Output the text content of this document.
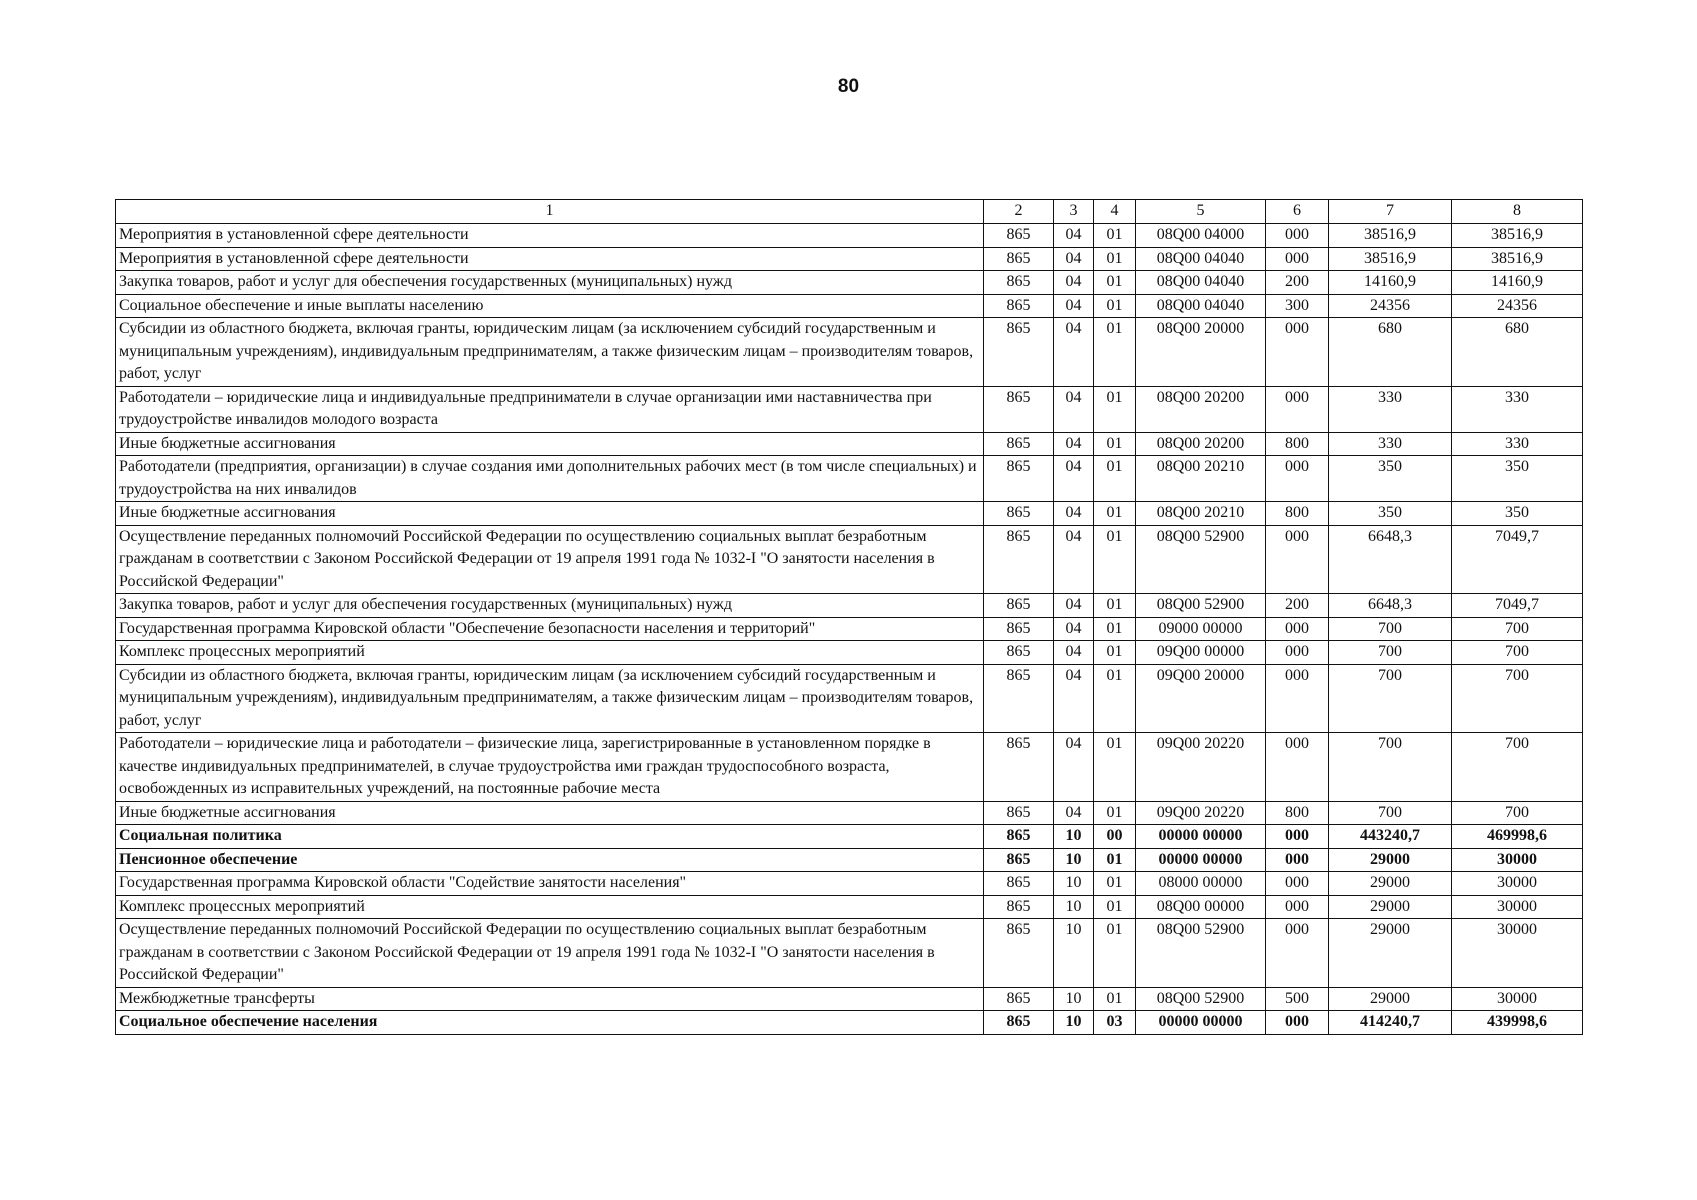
80
1	2	3	4	5	6	7	8
Мероприятия в установленной сфере деятельности	865	04	01	08Q00 04000	000	38516,9	38516,9
Мероприятия в установленной сфере деятельности	865	04	01	08Q00 04040	000	38516,9	38516,9
Закупка товаров, работ и услуг для обеспечения государственных (муниципальных) нужд	865	04	01	08Q00 04040	200	14160,9	14160,9
Социальное обеспечение и иные выплаты населению	865	04	01	08Q00 04040	300	24356	24356
Субсидии из областного бюджета, включая гранты, юридическим лицам (за исключением субсидий государственным и муниципальным учреждениям), индивидуальным предпринимателям, а также физическим лицам – производителям товаров, работ, услуг	865	04	01	08Q00 20000	000	680	680
Работодатели – юридические лица и индивидуальные предприниматели в случае организации ими наставничества при трудоустройстве инвалидов молодого возраста	865	04	01	08Q00 20200	000	330	330
Иные бюджетные ассигнования	865	04	01	08Q00 20200	800	330	330
Работодатели (предприятия, организации) в случае создания ими дополнительных рабочих мест (в том числе специальных) и трудоустройства на них инвалидов	865	04	01	08Q00 20210	000	350	350
Иные бюджетные ассигнования	865	04	01	08Q00 20210	800	350	350
Осуществление переданных полномочий Российской Федерации по осуществлению социальных выплат безработным гражданам в соответствии с Законом Российской Федерации от 19 апреля 1991 года № 1032-I "О занятости населения в Российской Федерации"	865	04	01	08Q00 52900	000	6648,3	7049,7
Закупка товаров, работ и услуг для обеспечения государственных (муниципальных) нужд	865	04	01	08Q00 52900	200	6648,3	7049,7
Государственная программа Кировской области "Обеспечение безопасности населения и территорий"	865	04	01	09000 00000	000	700	700
Комплекс процессных мероприятий	865	04	01	09Q00 00000	000	700	700
Субсидии из областного бюджета, включая гранты, юридическим лицам (за исключением субсидий государственным и муниципальным учреждениям), индивидуальным предпринимателям, а также физическим лицам – производителям товаров, работ, услуг	865	04	01	09Q00 20000	000	700	700
Работодатели – юридические лица и работодатели – физические лица, зарегистрированные в установленном порядке в качестве индивидуальных предпринимателей, в случае трудоустройства ими граждан трудоспособного возраста, освобожденных из исправительных учреждений, на постоянные рабочие места	865	04	01	09Q00 20220	000	700	700
Иные бюджетные ассигнования	865	04	01	09Q00 20220	800	700	700
Социальная политика	865	10	00	00000 00000	000	443240,7	469998,6
Пенсионное обеспечение	865	10	01	00000 00000	000	29000	30000
Государственная программа Кировской области "Содействие занятости населения"	865	10	01	08000 00000	000	29000	30000
Комплекс процессных мероприятий	865	10	01	08Q00 00000	000	29000	30000
Осуществление переданных полномочий Российской Федерации по осуществлению социальных выплат безработным гражданам в соответствии с Законом Российской Федерации от 19 апреля 1991 года № 1032-I "О занятости населения в Российской Федерации"	865	10	01	08Q00 52900	000	29000	30000
Межбюджетные трансферты	865	10	01	08Q00 52900	500	29000	30000
Социальное обеспечение населения	865	10	03	00000 00000	000	414240,7	439998,6
